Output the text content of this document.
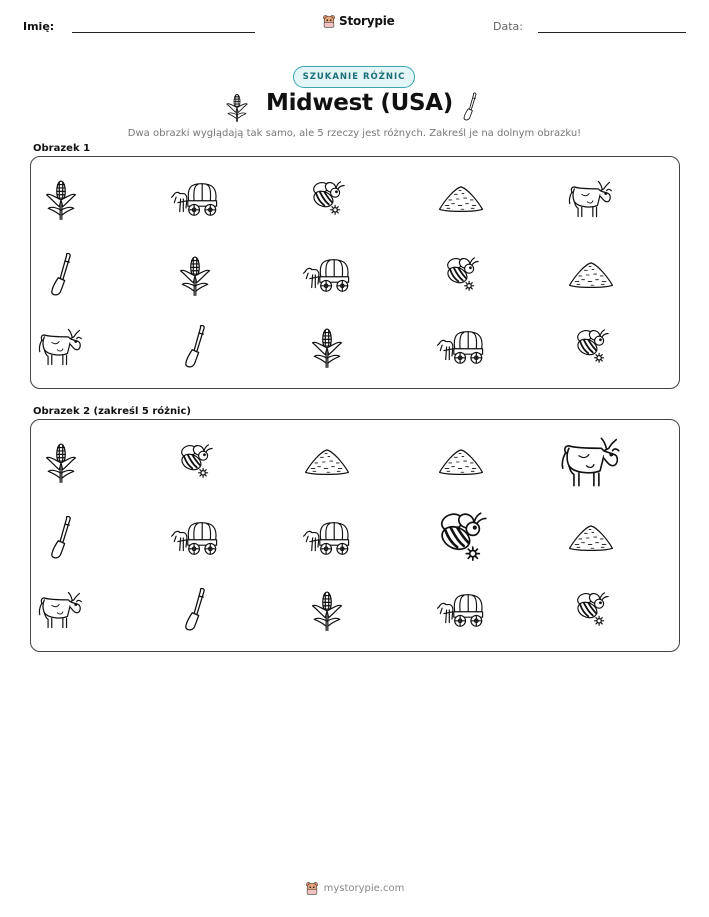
Imię:	Storypie	Data:
SZUKANIE RÓŻNIC
Midwest (USA)

Dwa obrazki wyglądają tak samo, ale 5 rzeczy jest różnych. Zakreśl je na dolnym obrazku!

Obrazek 1
Obrazek 2 (zakreśl 5 różnic)
mystorypie.com
